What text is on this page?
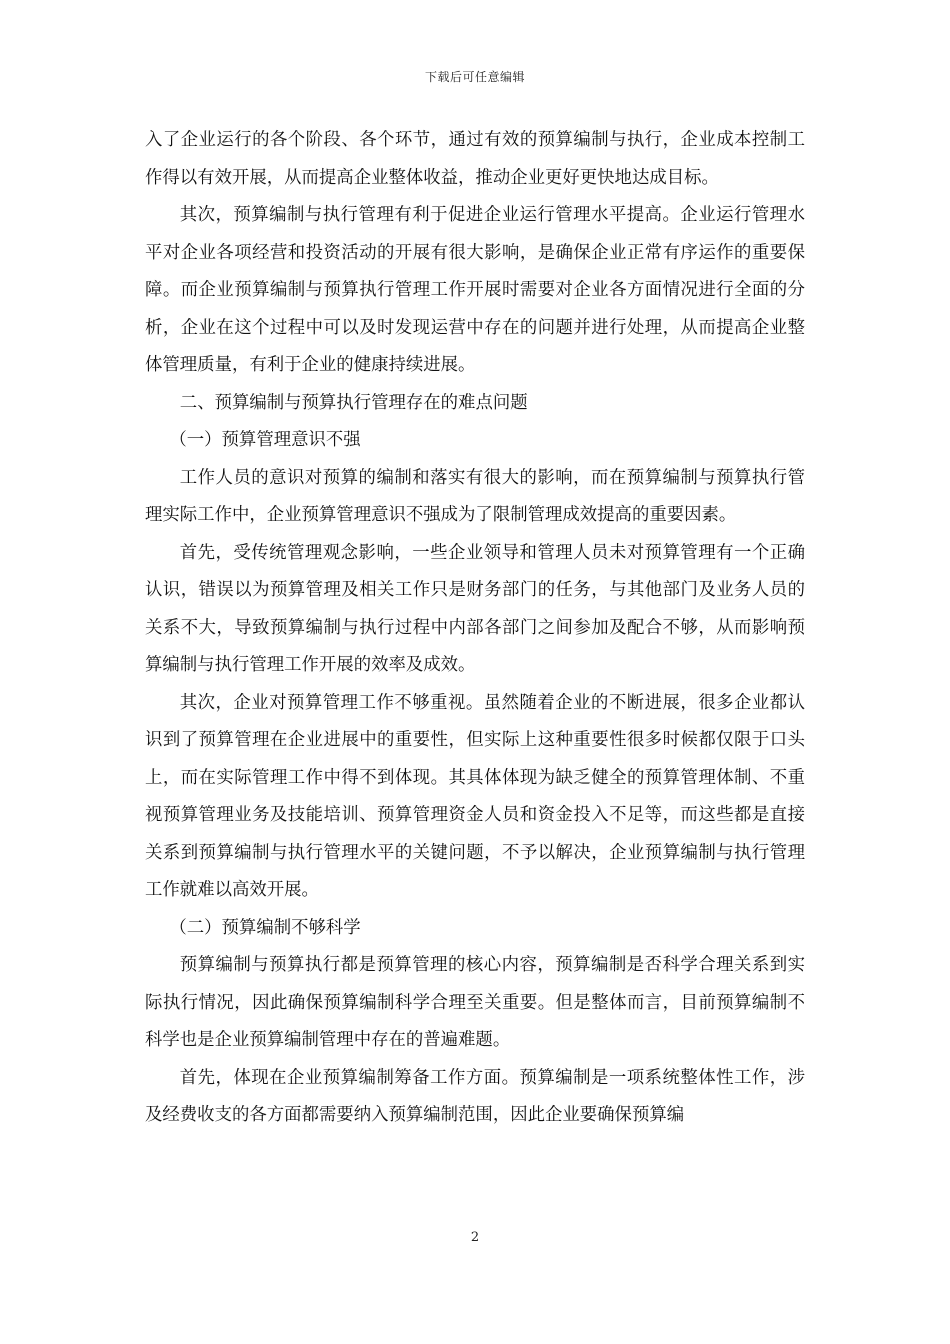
下载后可任意编辑

入了企业运行的各个阶段、各个环节，通过有效的预算编制与执行，企业成本控制工作得以有效开展，从而提高企业整体收益，推动企业更好更快地达成目标。

其次，预算编制与执行管理有利于促进企业运行管理水平提高。企业运行管理水平对企业各项经营和投资活动的开展有很大影响，是确保企业正常有序运作的重要保障。而企业预算编制与预算执行管理工作开展时需要对企业各方面情况进行全面的分析，企业在这个过程中可以及时发现运营中存在的问题并进行处理，从而提高企业整体管理质量，有利于企业的健康持续进展。

二、预算编制与预算执行管理存在的难点问题

（一）预算管理意识不强

工作人员的意识对预算的编制和落实有很大的影响，而在预算编制与预算执行管理实际工作中，企业预算管理意识不强成为了限制管理成效提高的重要因素。

首先，受传统管理观念影响，一些企业领导和管理人员未对预算管理有一个正确认识，错误以为预算管理及相关工作只是财务部门的任务，与其他部门及业务人员的关系不大，导致预算编制与执行过程中内部各部门之间参加及配合不够，从而影响预算编制与执行管理工作开展的效率及成效。

其次，企业对预算管理工作不够重视。虽然随着企业的不断进展，很多企业都认识到了预算管理在企业进展中的重要性，但实际上这种重要性很多时候都仅限于口头上，而在实际管理工作中得不到体现。其具体体现为缺乏健全的预算管理体制、不重视预算管理业务及技能培训、预算管理资金人员和资金投入不足等，而这些都是直接关系到预算编制与执行管理水平的关键问题，不予以解决，企业预算编制与执行管理工作就难以高效开展。

（二）预算编制不够科学

预算编制与预算执行都是预算管理的核心内容，预算编制是否科学合理关系到实际执行情况，因此确保预算编制科学合理至关重要。但是整体而言，目前预算编制不科学也是企业预算编制管理中存在的普遍难题。

首先，体现在企业预算编制筹备工作方面。预算编制是一项系统整体性工作，涉及经费收支的各方面都需要纳入预算编制范围，因此企业要确保预算编

2
